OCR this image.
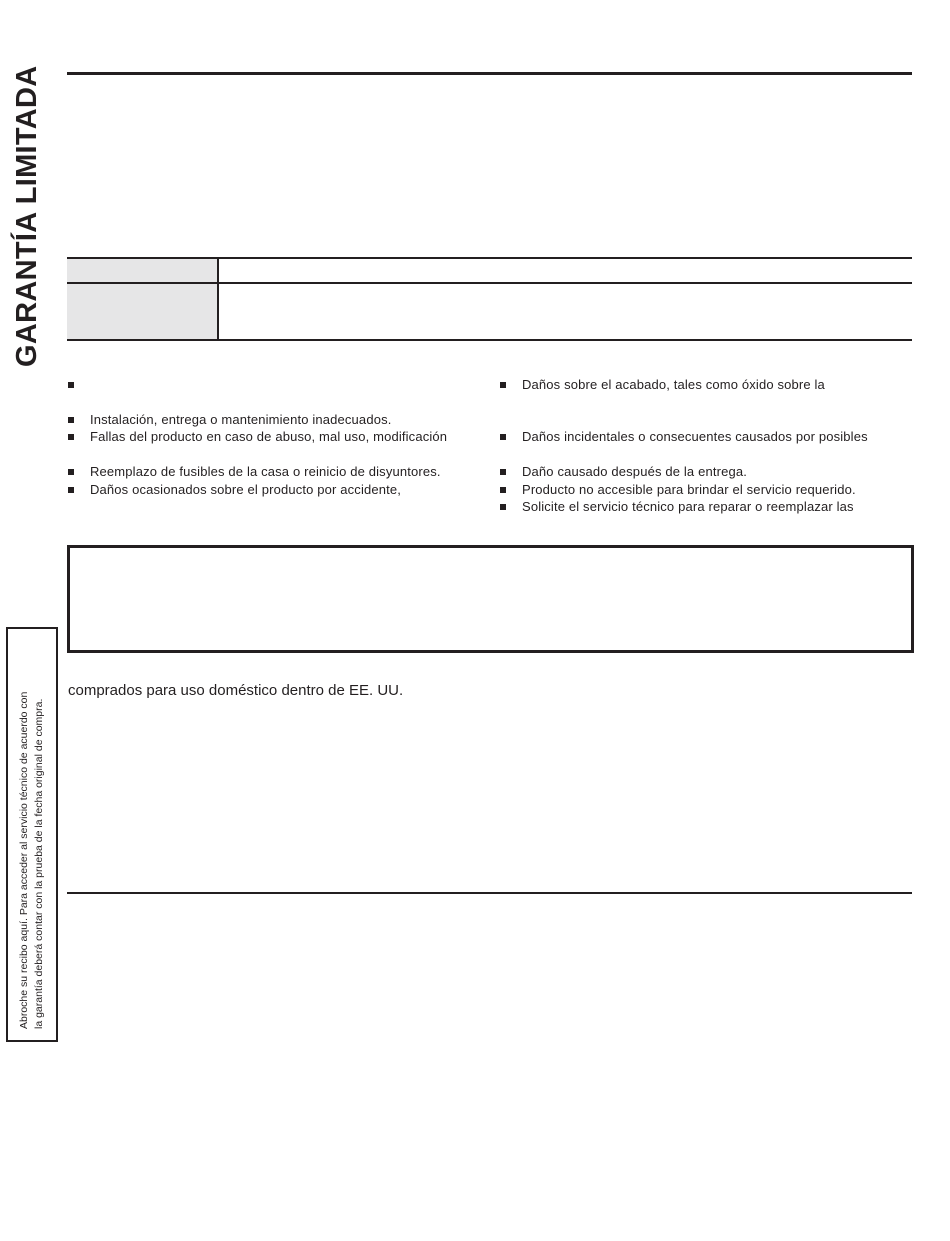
GARANTÍA LIMITADA
Instalación, entrega o mantenimiento inadecuados.
Fallas del producto en caso de abuso, mal uso, modificación
Reemplazo de fusibles de la casa o reinicio de disyuntores.
Daños ocasionados sobre el producto por accidente,
Daños sobre el acabado, tales como óxido sobre la
Daños incidentales o consecuentes causados por posibles
Daño causado después de la entrega.
Producto no accesible para brindar el servicio requerido.
Solicite el servicio técnico para reparar o reemplazar las
comprados para uso doméstico dentro de EE. UU.
Abroche su recibo aquí. Para acceder al servicio técnico de acuerdo con la garantía deberá contar con la prueba de la fecha original de compra.
